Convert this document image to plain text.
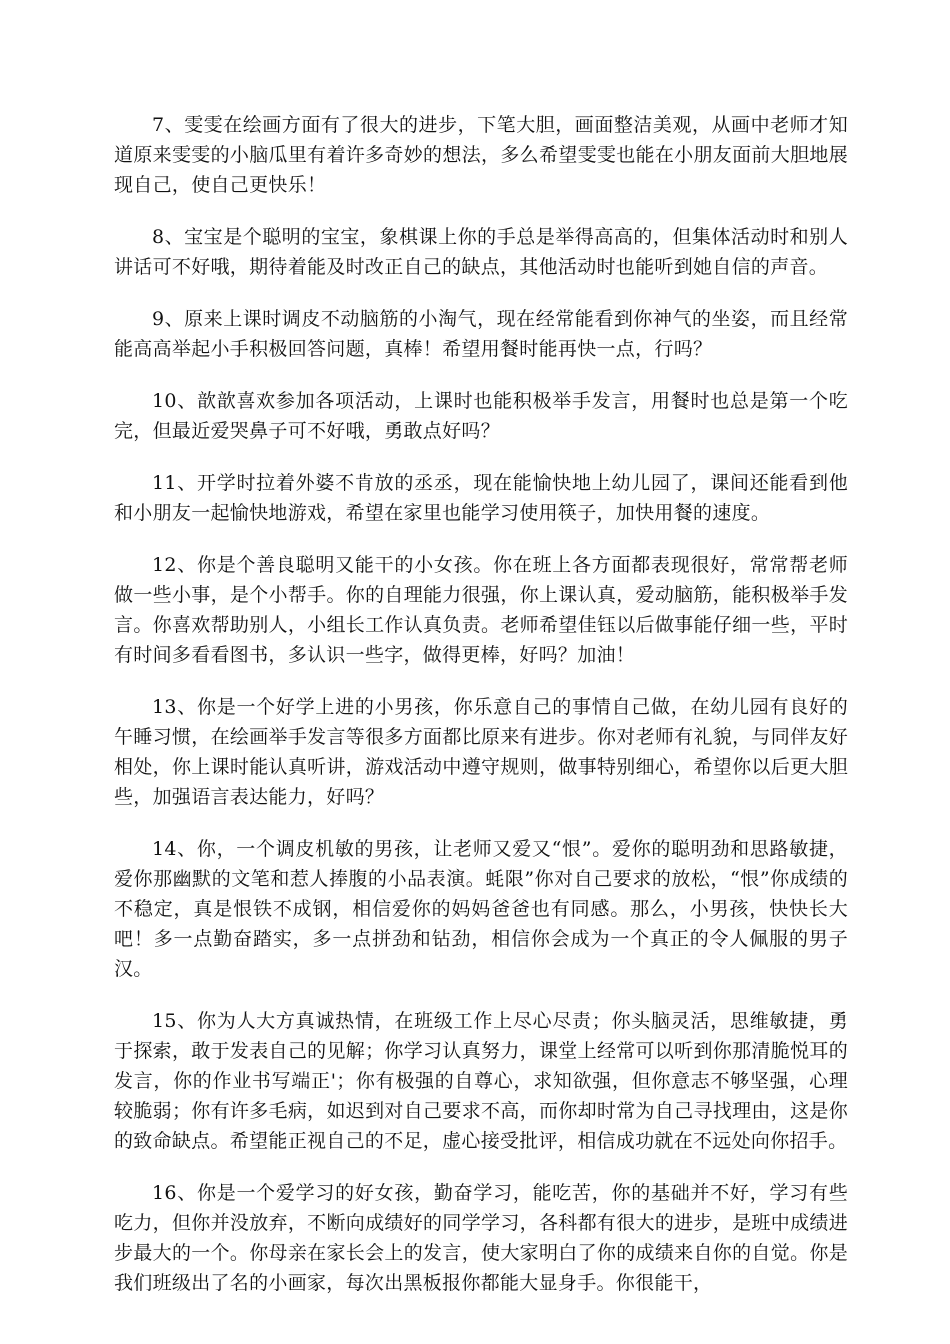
7、雯雯在绘画方面有了很大的进步，下笔大胆，画面整洁美观，从画中老师才知道原来雯雯的小脑瓜里有着许多奇妙的想法，多么希望雯雯也能在小朋友面前大胆地展现自己，使自己更快乐！

8、宝宝是个聪明的宝宝，象棋课上你的手总是举得高高的，但集体活动时和别人讲话可不好哦，期待着能及时改正自己的缺点，其他活动时也能听到她自信的声音。

9、原来上课时调皮不动脑筋的小淘气，现在经常能看到你神气的坐姿，而且经常能高高举起小手积极回答问题，真棒！希望用餐时能再快一点，行吗？

10、歆歆喜欢参加各项活动，上课时也能积极举手发言，用餐时也总是第一个吃完，但最近爱哭鼻子可不好哦，勇敢点好吗？

11、开学时拉着外婆不肯放的丞丞，现在能愉快地上幼儿园了，课间还能看到他和小朋友一起愉快地游戏，希望在家里也能学习使用筷子，加快用餐的速度。

12、你是个善良聪明又能干的小女孩。你在班上各方面都表现很好，常常帮老师做一些小事，是个小帮手。你的自理能力很强，你上课认真，爱动脑筋，能积极举手发言。你喜欢帮助别人，小组长工作认真负责。老师希望佳钰以后做事能仔细一些，平时有时间多看看图书，多认识一些字，做得更棒，好吗？加油！

13、你是一个好学上进的小男孩，你乐意自己的事情自己做，在幼儿园有良好的午睡习惯，在绘画举手发言等很多方面都比原来有进步。你对老师有礼貌，与同伴友好相处，你上课时能认真听讲，游戏活动中遵守规则，做事特别细心，希望你以后更大胆些，加强语言表达能力，好吗？

14、你，一个调皮机敏的男孩，让老师又爱又“恨”。爱你的聪明劲和思路敏捷，爱你那幽默的文笔和惹人捧腹的小品表演。蚝限”你对自己要求的放松，“恨”你成绩的不稳定，真是恨铁不成钢，相信爱你的妈妈爸爸也有同感。那么，小男孩，快快长大吧！多一点勤奋踏实，多一点拼劲和钻劲，相信你会成为一个真正的令人佩服的男子汉。

15、你为人大方真诚热情，在班级工作上尽心尽责；你头脑灵活，思维敏捷，勇于探索，敢于发表自己的见解；你学习认真努力，课堂上经常可以听到你那清脆悦耳的发言，你的作业书写端正'；你有极强的自尊心，求知欲强，但你意志不够坚强，心理较脆弱；你有许多毛病，如迟到对自己要求不高，而你却时常为自己寻找理由，这是你的致命缺点。希望能正视自己的不足，虚心接受批评，相信成功就在不远处向你招手。

16、你是一个爱学习的好女孩，勤奋学习，能吃苦，你的基础并不好，学习有些吃力，但你并没放弃，不断向成绩好的同学学习，各科都有很大的进步，是班中成绩进步最大的一个。你母亲在家长会上的发言，使大家明白了你的成绩来自你的自觉。你是我们班级出了名的小画家，每次出黑板报你都能大显身手。你很能干，
